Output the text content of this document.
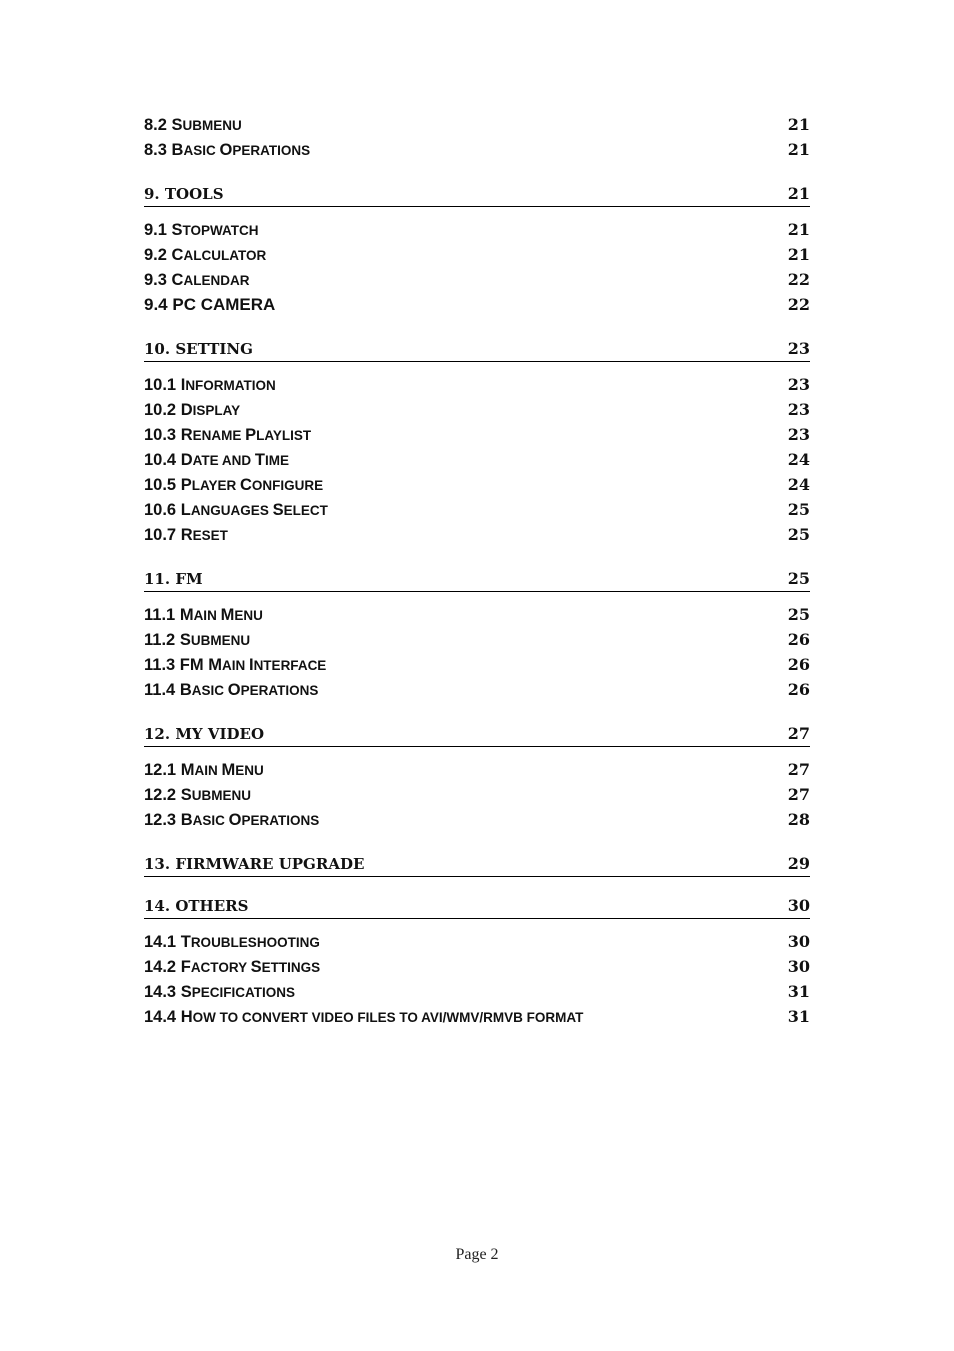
8.2 SUBMENU	21
8.3 BASIC OPERATIONS	21
9. TOOLS	21
9.1 STOPWATCH	21
9.2 CALCULATOR	21
9.3 CALENDAR	22
9.4 PC CAMERA	22
10. SETTING	23
10.1 INFORMATION	23
10.2 DISPLAY	23
10.3 RENAME PLAYLIST	23
10.4 DATE AND TIME	24
10.5 PLAYER CONFIGURE	24
10.6 LANGUAGES SELECT	25
10.7 RESET	25
11. FM	25
11.1 MAIN MENU	25
11.2 SUBMENU	26
11.3 FM MAIN INTERFACE	26
11.4 BASIC OPERATIONS	26
12. MY VIDEO	27
12.1 MAIN MENU	27
12.2 SUBMENU	27
12.3 BASIC OPERATIONS	28
13. FIRMWARE UPGRADE	29
14. OTHERS	30
14.1 TROUBLESHOOTING	30
14.2 FACTORY SETTINGS	30
14.3 SPECIFICATIONS	31
14.4 HOW TO CONVERT VIDEO FILES TO AVI/WMV/RMVB FORMAT	31
Page 2
